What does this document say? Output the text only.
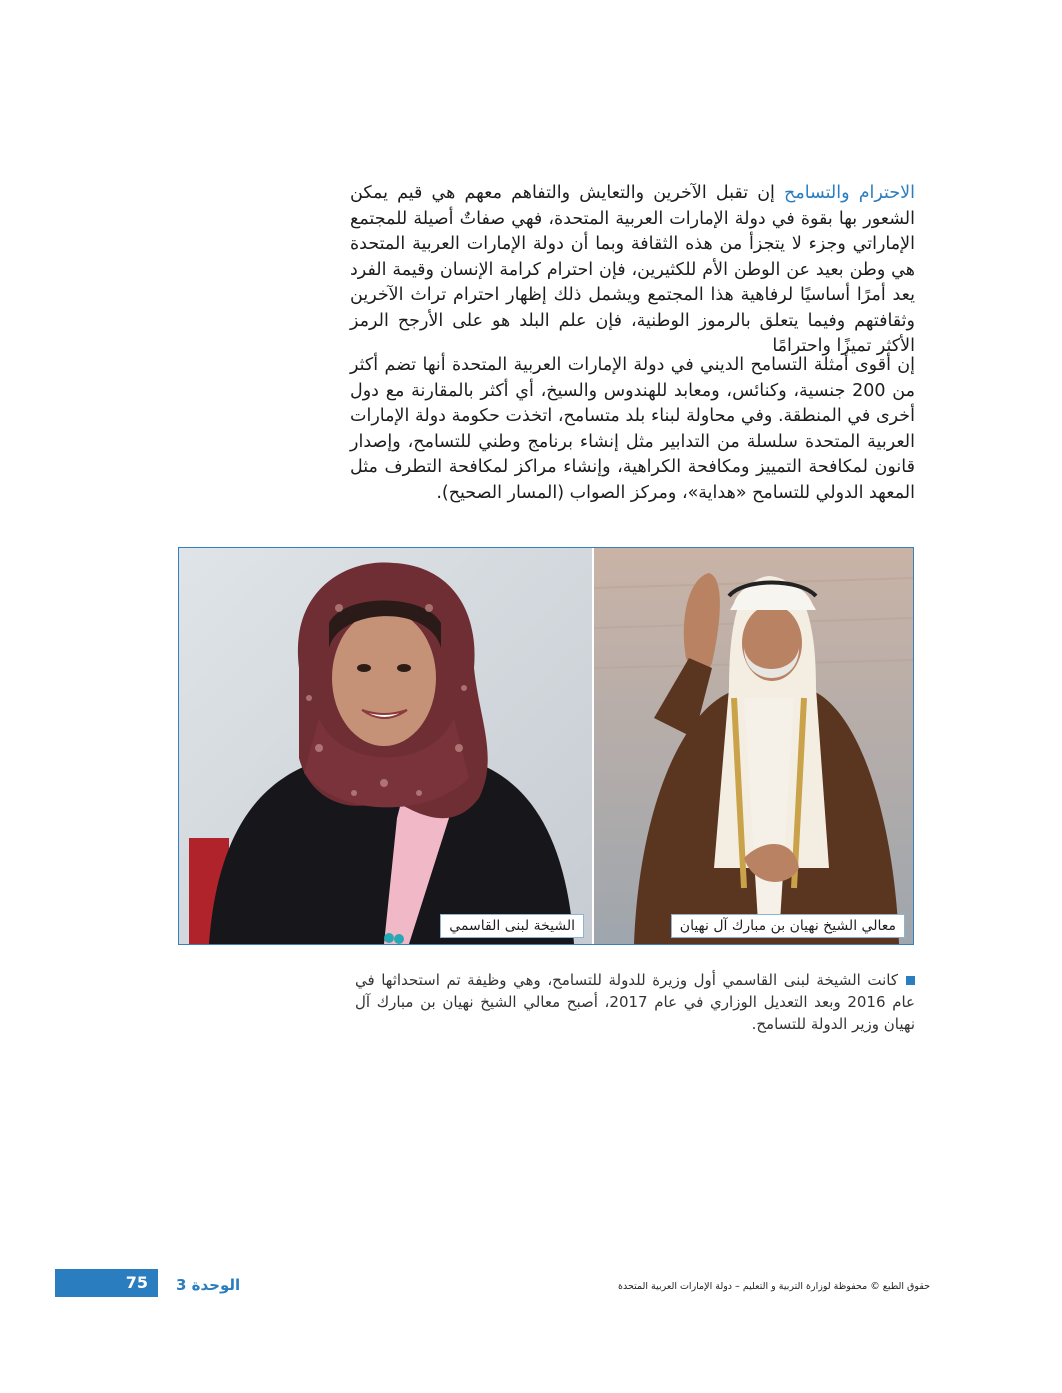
الاحترام والتسامح إن تقبل الآخرين والتعايش والتفاهم معهم هي قيم يمكن الشعور بها بقوة في دولة الإمارات العربية المتحدة، فهي صفاتٌ أصيلة للمجتمع الإماراتي وجزء لا يتجزأ من هذه الثقافة وبما أن دولة الإمارات العربية المتحدة هي وطن بعيد عن الوطن الأم للكثيرين، فإن احترام كرامة الإنسان وقيمة الفرد يعد أمرًا أساسيًا لرفاهية هذا المجتمع ويشمل ذلك إظهار احترام تراث الآخرين وثقافتهم وفيما يتعلق بالرموز الوطنية، فإن علم البلد هو على الأرجح الرمز الأكثر تميزًا واحترامًا
إن أقوى أمثلة التسامح الديني في دولة الإمارات العربية المتحدة أنها تضم أكثر من 200 جنسية، وكنائس، ومعابد للهندوس والسيخ، أي أكثر بالمقارنة مع دول أخرى في المنطقة. وفي محاولة لبناء بلد متسامح، اتخذت حكومة دولة الإمارات العربية المتحدة سلسلة من التدابير مثل إنشاء برنامج وطني للتسامح، وإصدار قانون لمكافحة التمييز ومكافحة الكراهية، وإنشاء مراكز لمكافحة التطرف مثل المعهد الدولي للتسامح «هداية»، ومركز الصواب (المسار الصحيح).
الشيخة لبنى القاسمي	معالي الشيخ نهيان بن مبارك آل نهيان
كانت الشيخة لبنى القاسمي أول وزيرة للدولة للتسامح، وهي وظيفة تم استحداثها في عام 2016 وبعد التعديل الوزاري في عام 2017، أصبح معالي الشيخ نهيان بن مبارك آل نهيان وزير الدولة للتسامح.
حقوق الطبع © محفوظة لوزارة التربية و التعليم – دولة الإمارات العربية المتحدة
الوحدة 3
75
